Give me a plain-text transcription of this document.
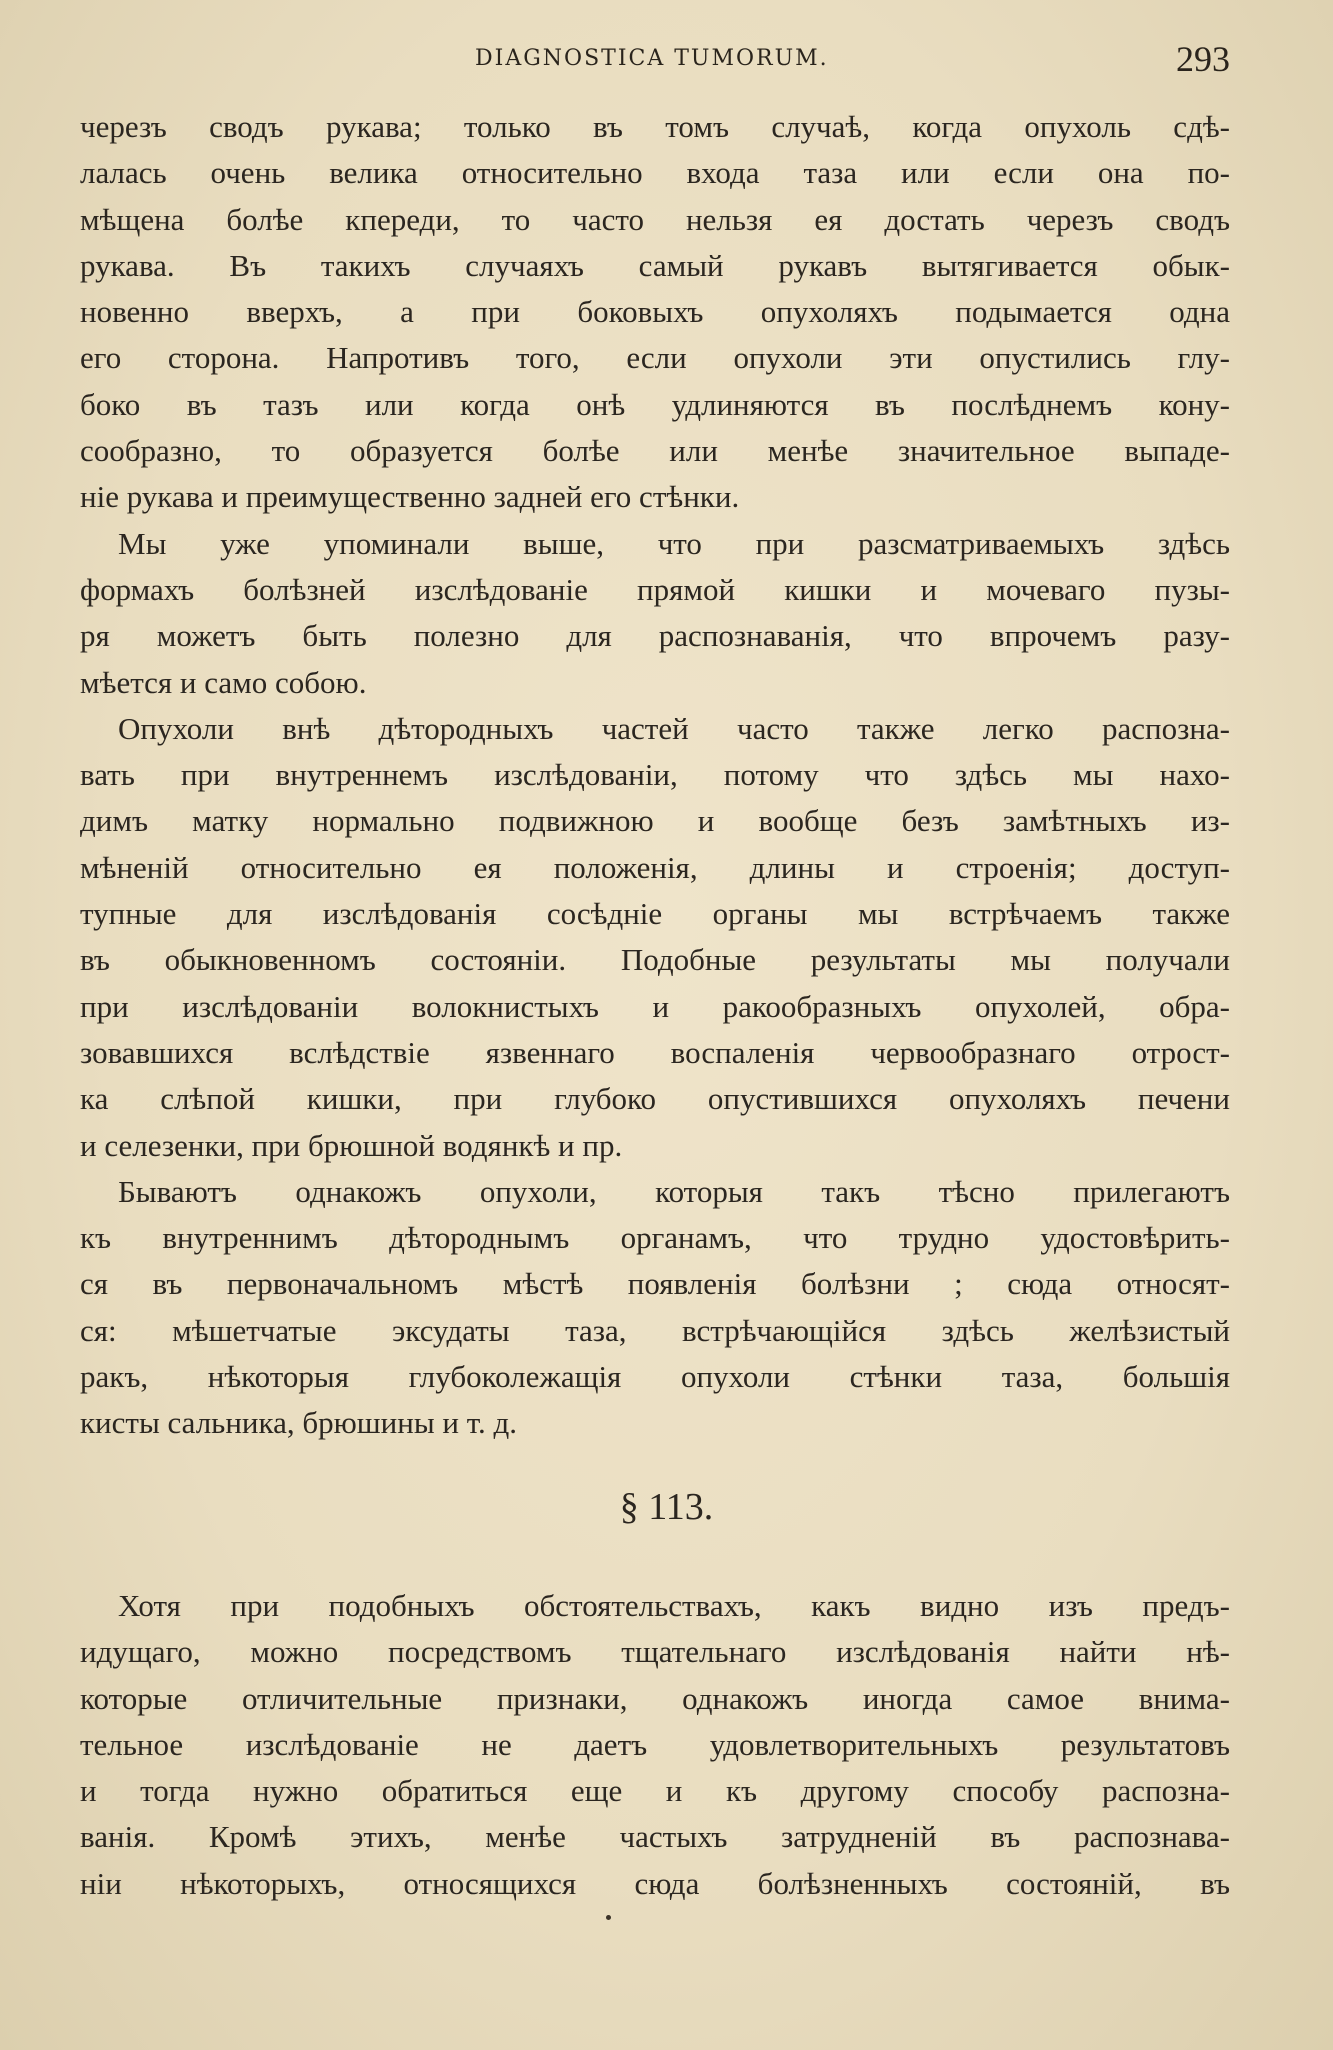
DIAGNOSTICA TUMORUM.	293
черезъ сводъ рукава; только въ томъ случаѣ, когда опухоль сдѣ-
лалась очень велика относительно входа таза или если она по-
мѣщена болѣе кпереди, то часто нельзя ея достать черезъ сводъ
рукава. Въ такихъ случаяхъ самый рукавъ вытягивается обык-
новенно вверхъ, а при боковыхъ опухоляхъ подымается одна
его сторона. Напротивъ того, если опухоли эти опустились глу-
боко въ тазъ или когда онѣ удлиняются въ послѣднемъ кону-
сообразно, то образуется болѣе или менѣе значительное выпаде-
нiе рукава и преимущественно задней его стѣнки.
Мы уже упоминали выше, что при разсматриваемыхъ здѣсь
формахъ болѣзней изслѣдованiе прямой кишки и мочеваго пузы-
ря можетъ быть полезно для распознаванiя, что впрочемъ разу-
мѣется и само собою.
Опухоли внѣ дѣтородныхъ частей часто также легко распозна-
вать при внутреннемъ изслѣдованiи, потому что здѣсь мы нахо-
димъ матку нормально подвижною и вообще безъ замѣтныхъ из-
мѣненiй относительно ея положенiя, длины и строенiя; доступ-
тупные для изслѣдованiя сосѣднiе органы мы встрѣчаемъ также
въ обыкновенномъ состоянiи. Подобные результаты мы получали
при изслѣдованiи волокнистыхъ и ракообразныхъ опухолей, обра-
зовавшихся вслѣдствiе язвеннаго воспаленiя червообразнаго отрост-
ка слѣпой кишки, при глубоко опустившихся опухоляхъ печени
и селезенки, при брюшной водянкѣ и пр.
Бываютъ однакожъ опухоли, которыя такъ тѣсно прилегаютъ
къ внутреннимъ дѣтороднымъ органамъ, что трудно удостовѣрить-
ся въ первоначальномъ мѣстѣ появленiя болѣзни ; сюда относят-
ся: мѣшетчатые эксудаты таза, встрѣчающiйся здѣсь желѣзистый
ракъ, нѣкоторыя глубоколежащiя опухоли стѣнки таза, большiя
кисты сальника, брюшины и т. д.
§ 113.
Хотя при подобныхъ обстоятельствахъ, какъ видно изъ предъ-
идущаго, можно посредствомъ тщательнаго изслѣдованiя найти нѣ-
которые отличительные признаки, однакожъ иногда самое внима-
тельное изслѣдованiе не даетъ удовлетворительныхъ результатовъ
и тогда нужно обратиться еще и къ другому способу распозна-
ванiя. Кромѣ этихъ, менѣе частыхъ затрудненiй въ распознава-
нiи нѣкоторыхъ, относящихся сюда болѣзненныхъ состоянiй, въ
